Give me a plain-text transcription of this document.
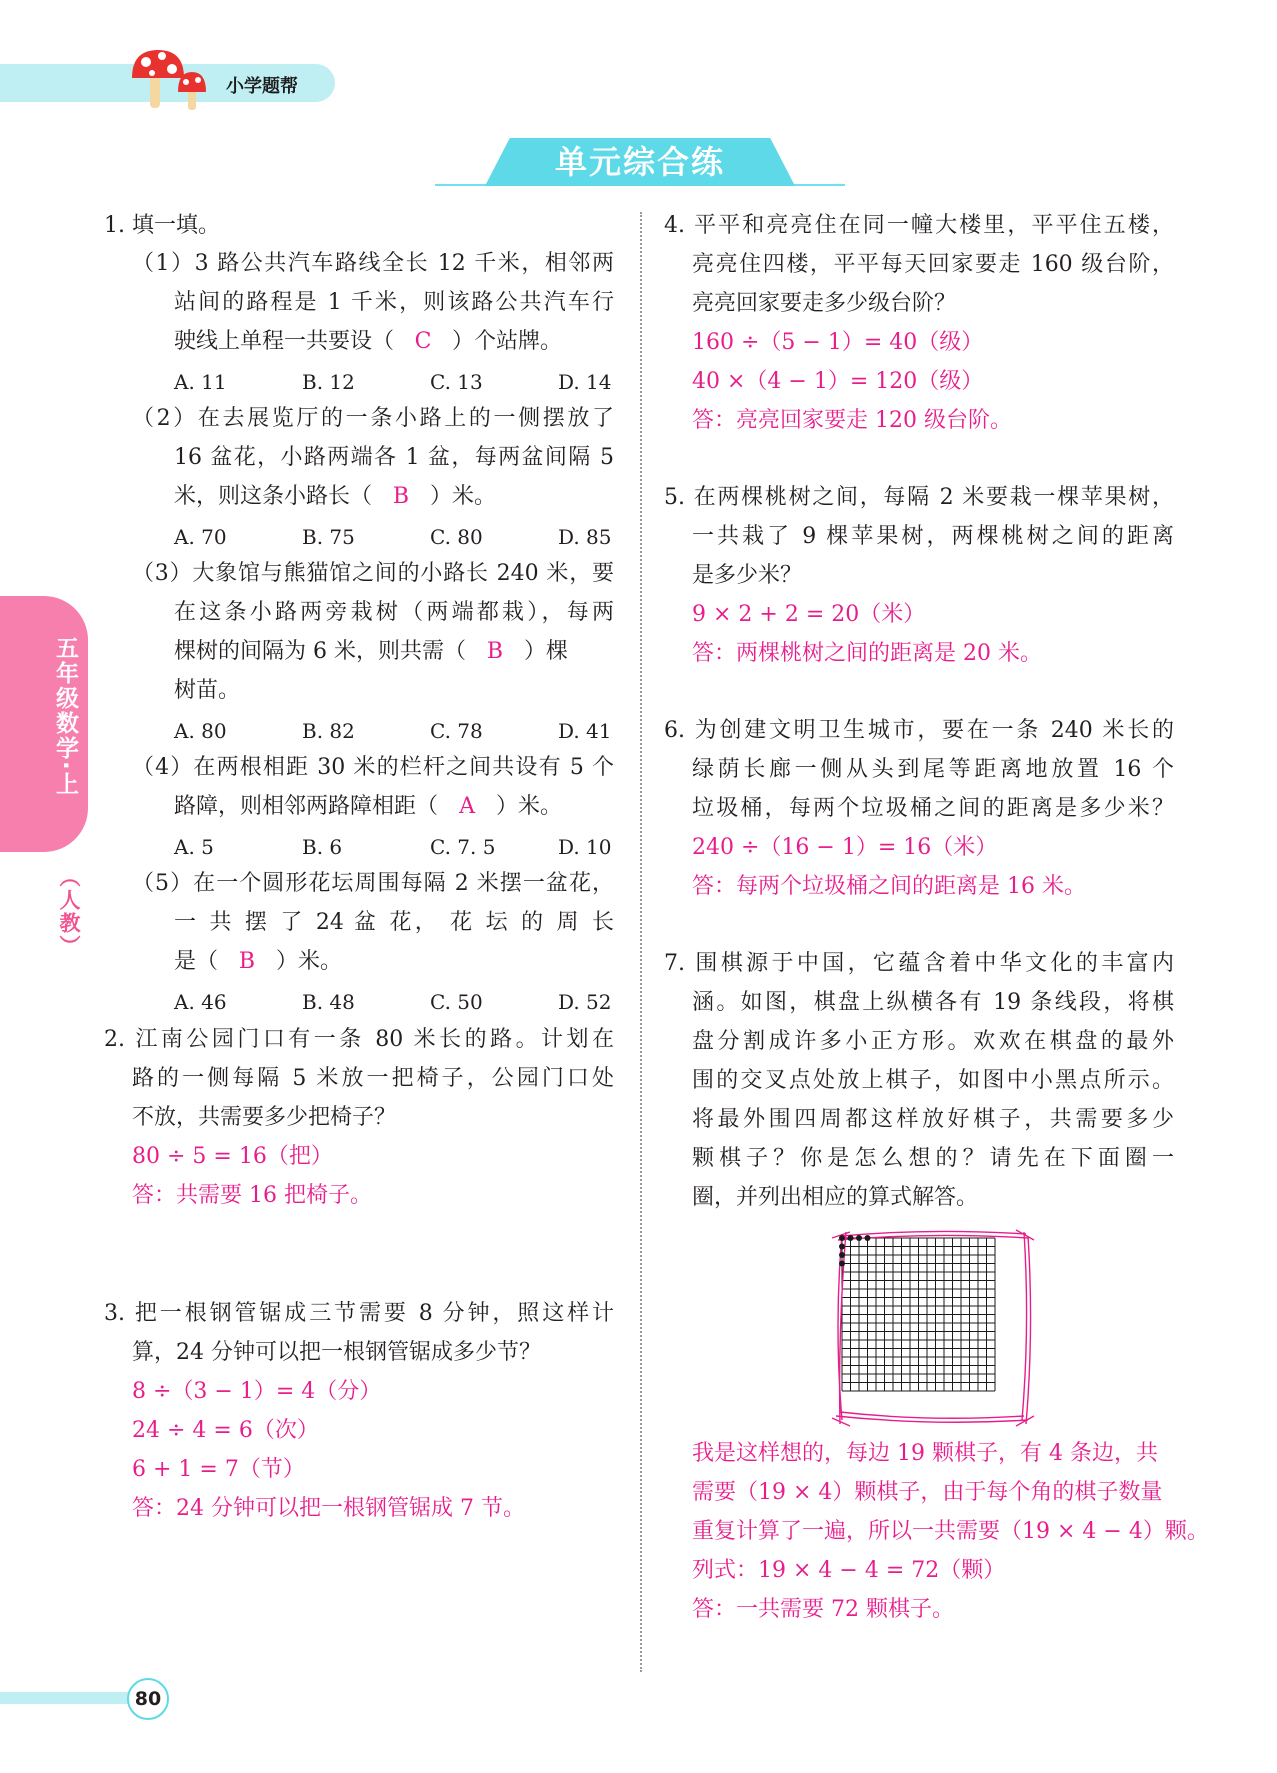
小学题帮
单元综合练
五年级数学·上
（人教）
1. 填一填。
（1）3 路公共汽车路线全长 12 千米，相邻两
站间的路程是 1 千米，则该路公共汽车行
驶线上单程一共要设（ C ）个站牌。
A. 11	B. 12	C. 13	D. 14
（2）在去展览厅的一条小路上的一侧摆放了
16 盆花，小路两端各 1 盆，每两盆间隔 5
米，则这条小路长（ B ）米。
A. 70	B. 75	C. 80	D. 85
（3）大象馆与熊猫馆之间的小路长 240 米，要
在这条小路两旁栽树（两端都栽），每两
棵树的间隔为 6 米，则共需（ B ）棵
树苗。
A. 80	B. 82	C. 78	D. 41
（4）在两根相距 30 米的栏杆之间共设有 5 个
路障，则相邻两路障相距（ A ）米。
A. 5	B. 6	C. 7. 5	D. 10
（5）在一个圆形花坛周围每隔 2 米摆一盆花，
一 共 摆 了 24 盆 花， 花 坛 的 周 长
是（ B ）米。
A. 46	B. 48	C. 50	D. 52
2. 江南公园门口有一条 80 米长的路。计划在
路的一侧每隔 5 米放一把椅子，公园门口处
不放，共需要多少把椅子？
80 ÷ 5 = 16（把）
答：共需要 16 把椅子。
3. 把一根钢管锯成三节需要 8 分钟，照这样计
算，24 分钟可以把一根钢管锯成多少节？
8 ÷（3 − 1）= 4（分）
24 ÷ 4 = 6（次）
6 + 1 = 7（节）
答：24 分钟可以把一根钢管锯成 7 节。
4. 平平和亮亮住在同一幢大楼里，平平住五楼，
亮亮住四楼，平平每天回家要走 160 级台阶，
亮亮回家要走多少级台阶？
160 ÷（5 − 1）= 40（级）
40 ×（4 − 1）= 120（级）
答：亮亮回家要走 120 级台阶。
5. 在两棵桃树之间，每隔 2 米要栽一棵苹果树，
一共栽了 9 棵苹果树，两棵桃树之间的距离
是多少米？
9 × 2 + 2 = 20（米）
答：两棵桃树之间的距离是 20 米。
6. 为创建文明卫生城市，要在一条 240 米长的
绿荫长廊一侧从头到尾等距离地放置 16 个
垃圾桶，每两个垃圾桶之间的距离是多少米？
240 ÷（16 − 1）= 16（米）
答：每两个垃圾桶之间的距离是 16 米。
7. 围棋源于中国，它蕴含着中华文化的丰富内
涵。如图，棋盘上纵横各有 19 条线段，将棋
盘分割成许多小正方形。欢欢在棋盘的最外
围的交叉点处放上棋子，如图中小黑点所示。
将最外围四周都这样放好棋子，共需要多少
颗棋子？你是怎么想的？请先在下面圈一
圈，并列出相应的算式解答。
我是这样想的，每边 19 颗棋子，有 4 条边，共
需要（19 × 4）颗棋子，由于每个角的棋子数量
重复计算了一遍，所以一共需要（19 × 4 − 4）颗。
列式：19 × 4 − 4 = 72（颗）
答：一共需要 72 颗棋子。
80
